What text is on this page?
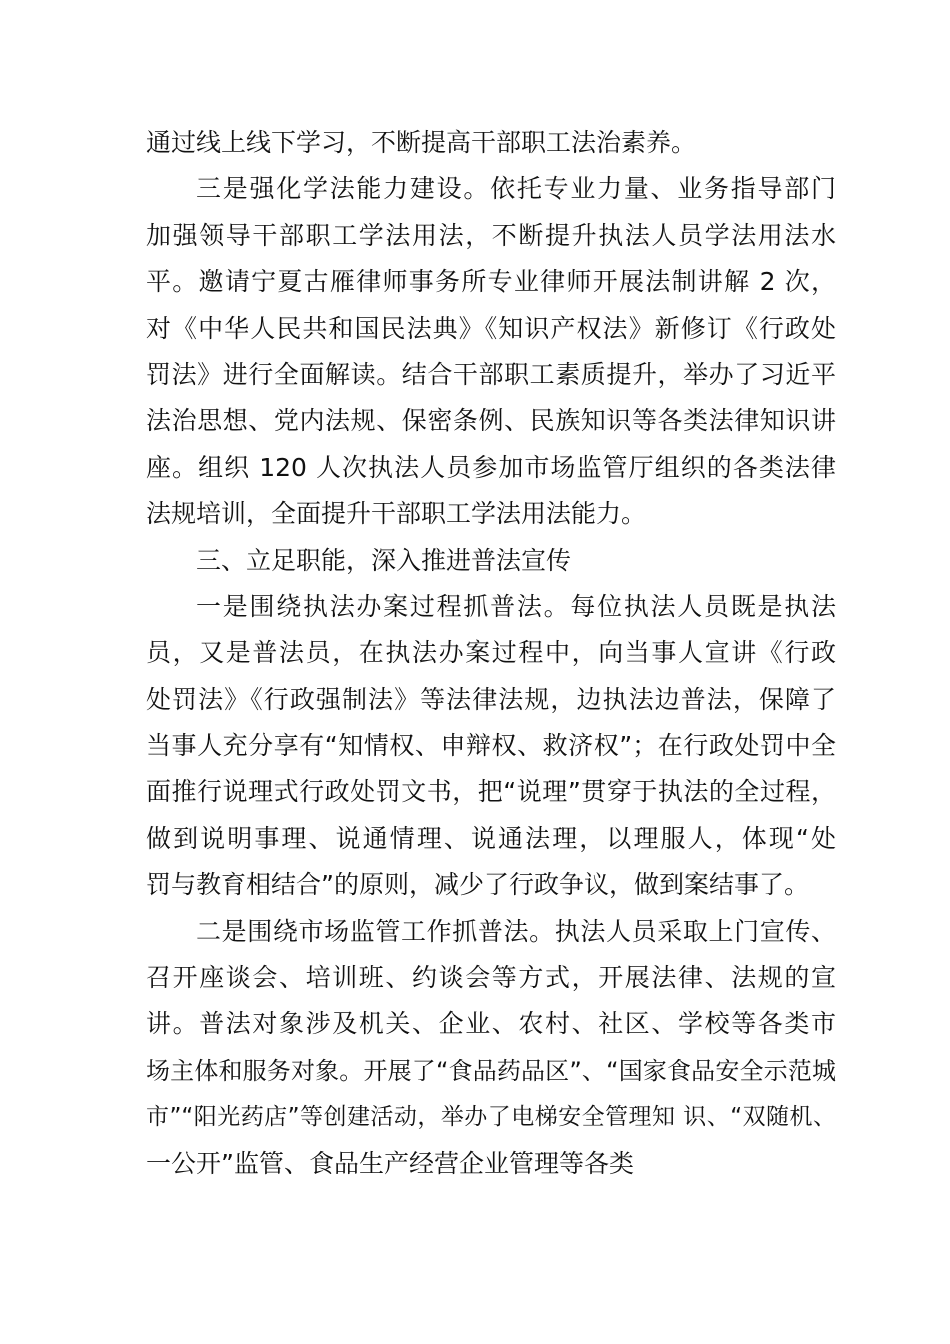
通过线上线下学习，不断提高干部职工法治素养。
三是强化学法能力建设。依托专业力量、业务指导部门
加强领导干部职工学法用法，不断提升执法人员学法用法水
平。邀请宁夏古雁律师事务所专业律师开展法制讲解 2 次，
对《中华人民共和国民法典》《知识产权法》新修订《行政处
罚法》进行全面解读。结合干部职工素质提升，举办了习近平
法治思想、党内法规、保密条例、民族知识等各类法律知识讲
座。组织 120 人次执法人员参加市场监管厅组织的各类法律
法规培训，全面提升干部职工学法用法能力。
三、立足职能，深入推进普法宣传
一是围绕执法办案过程抓普法。每位执法人员既是执法
员，又是普法员，在执法办案过程中，向当事人宣讲《行政
处罚法》《行政强制法》等法律法规，边执法边普法，保障了
当事人充分享有“知情权、申辩权、救济权”；在行政处罚中全
面推行说理式行政处罚文书，把“说理”贯穿于执法的全过程，
做到说明事理、说通情理、说通法理，以理服人，体现“处
罚与教育相结合”的原则，减少了行政争议，做到案结事了。
二是围绕市场监管工作抓普法。执法人员采取上门宣传、
召开座谈会、培训班、约谈会等方式，开展法律、法规的宣
讲。普法对象涉及机关、企业、农村、社区、学校等各类市
场主体和服务对象。开展了“食品药品区”、“国家食品安全示范城
市”“阳光药店”等创建活动，举办了电梯安全管理知 识、“双随机、
一公开”监管、食品生产经营企业管理等各类
